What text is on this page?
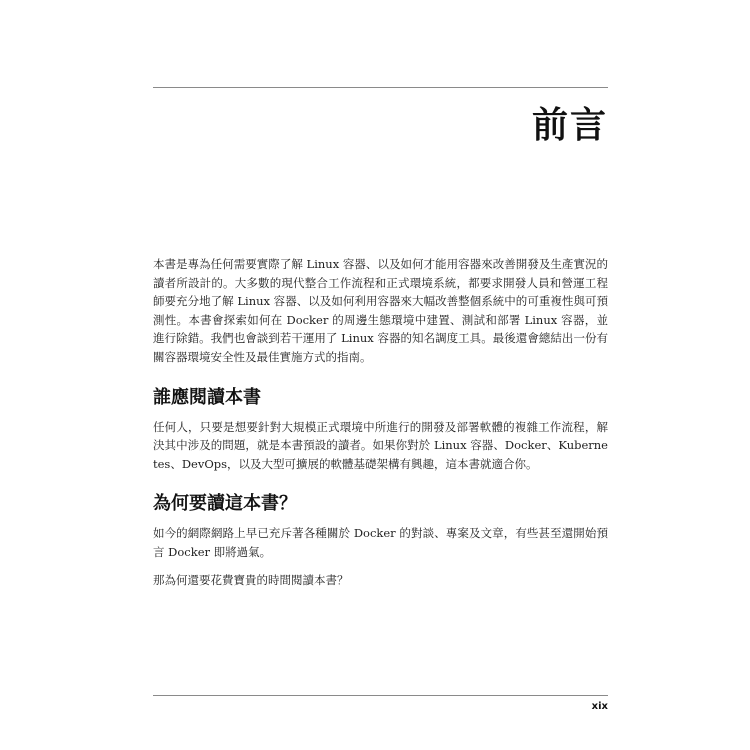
前言

本書是專為任何需要實際了解 Linux 容器、以及如何才能用容器來改善開發及生產實況的讀者所設計的。大多數的現代整合工作流程和正式環境系統，都要求開發人員和營運工程師要充分地了解 Linux 容器、以及如何利用容器來大幅改善整個系統中的可重複性與可預測性。本書會探索如何在 Docker 的周邊生態環境中建置、測試和部署 Linux 容器，並進行除錯。我們也會談到若干運用了 Linux 容器的知名調度工具。最後還會總結出一份有關容器環境安全性及最佳實施方式的指南。

誰應閱讀本書

任何人，只要是想要針對大規模正式環境中所進行的開發及部署軟體的複雜工作流程，解決其中涉及的問題，就是本書預設的讀者。如果你對於 Linux 容器、Docker、Kubernetes、DevOps，以及大型可擴展的軟體基礎架構有興趣，這本書就適合你。

為何要讀這本書？

如今的網際網路上早已充斥著各種關於 Docker 的對談、專案及文章，有些甚至還開始預言 Docker 即將過氣。

那為何還要花費寶貴的時間閱讀本書？

xix
